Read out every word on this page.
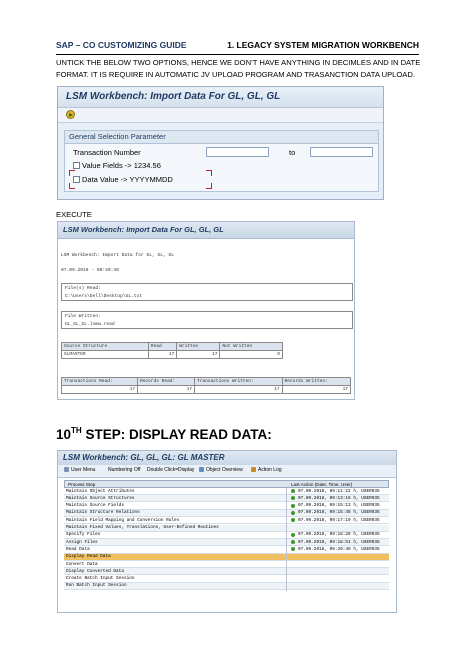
SAP – CO CUSTOMIZING GUIDE	1. LEGACY SYSTEM MIGRATION WORKBENCH
UNTICK THE BELOW TWO OPTIONS, HENCE WE DON’T HAVE ANYTHING IN DECIMLES AND IN DATE
FORMAT. IT IS REQUIRE IN AUTOMATIC JV UPLOAD PROGRAM AND TRASANCTION DATA UPLOAD.
LSM Workbench: Import Data For GL, GL, GL
General Selection Parameter
Transaction Number	to
Value Fields -> 1234.56
Data Value -> YYYYMMDD
EXECUTE
LSM Workbench: Import Data For GL, GL, GL
LSM Workbench: Import Data for GL, GL, GL
07.09.2018 - 09:20:49
File(s) Read:
C:\Users\Dell\Desktop\GL.txt
File Written:
GL_GL_GL.lsmw.read
Source Structure	Read	Written	Not Written
GLMASTER	17	17	0
Transactions Read:	Records Read:	Transactions Written:	Records Written:
17	17	17	17
10TH STEP: DISPLAY READ DATA:
LSM Workbench: GL, GL, GL: GL MASTER
User Menu	Numbering Off Double Click=Display	Object Overview	Action Log
Process Step	Last Action (Date, Time, User)
Maintain Object Attributes	07.09.2018, 09:11:22 h, USER935
Maintain Source Structures	07.09.2018, 09:13:16 h, USER935
Maintain Source Fields	07.09.2018, 09:15:13 h, USER935
Maintain Structure Relations	07.09.2018, 09:15:45 h, USER935
Maintain Field Mapping and Conversion Rules	07.09.2018, 09:17:19 h, USER935
Maintain Fixed Values, Translations, User-Defined Routines
Specify Files	07.09.2018, 09:18:29 h, USER935
Assign Files	07.09.2018, 09:18:51 h, USER935
Read Data	07.09.2018, 09:20:49 h, USER935
Display Read Data
Convert Data
Display Converted Data
Create Batch Input Session
Run Batch Input Session
